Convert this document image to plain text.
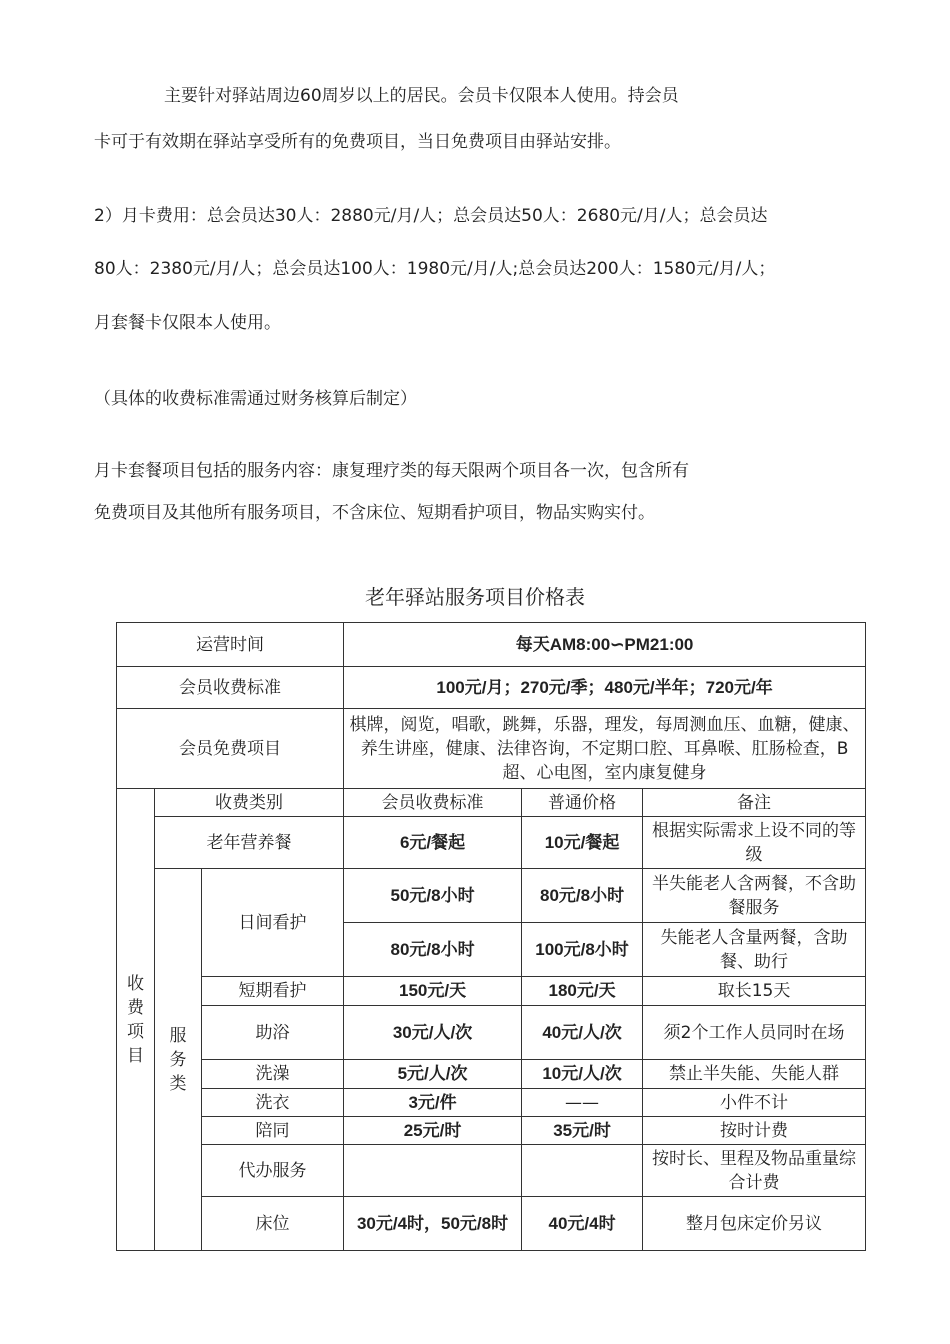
主要针对驿站周边60周岁以上的居民。会员卡仅限本人使用。持会员
卡可于有效期在驿站享受所有的免费项目，当日免费项目由驿站安排。
2）月卡费用：总会员达30人：2880元/月/人；总会员达50人：2680元/月/人；总会员达
80人：2380元/月/人；总会员达100人：1980元/月/人;总会员达200人：1580元/月/人；
月套餐卡仅限本人使用。
（具体的收费标准需通过财务核算后制定）
月卡套餐项目包括的服务内容：康复理疗类的每天限两个项目各一次，包含所有
免费项目及其他所有服务项目，不含床位、短期看护项目，物品实购实付。
老年驿站服务项目价格表
运营时间			每天AM8:00∽PM21:00		
会员收费标准			100元/月；270元/季；480元/半年；720元/年		
会员免费项目			棋牌，阅览，唱歌，跳舞，乐器，理发，每周测血压、血糖，健康、养生讲座，健康、法律咨询，不定期口腔、耳鼻喉、肛肠检查，B超、心电图，室内康复健身		
收
费
项
目	收费类别		会员收费标准	普通价格	备注
	老年营养餐		6元/餐起	10元/餐起	根据实际需求上设不同的等级
	服
务
类	日间看护	50元/8小时	80元/8小时	半失能老人含两餐，不含助餐服务
			80元/8小时	100元/8小时	失能老人含量两餐，含助餐、助行
		短期看护	150元/天	180元/天	取长15天
		助浴	30元/人/次	40元/人/次	须2个工作人员同时在场
		洗澡	5元/人/次	10元/人/次	禁止半失能、失能人群
		洗衣	3元/件	——	小件不计
		陪同	25元/时	35元/时	按时计费
		代办服务			按时长、里程及物品重量综合计费
		床位	30元/4时，50元/8时	40元/4时	整月包床定价另议
